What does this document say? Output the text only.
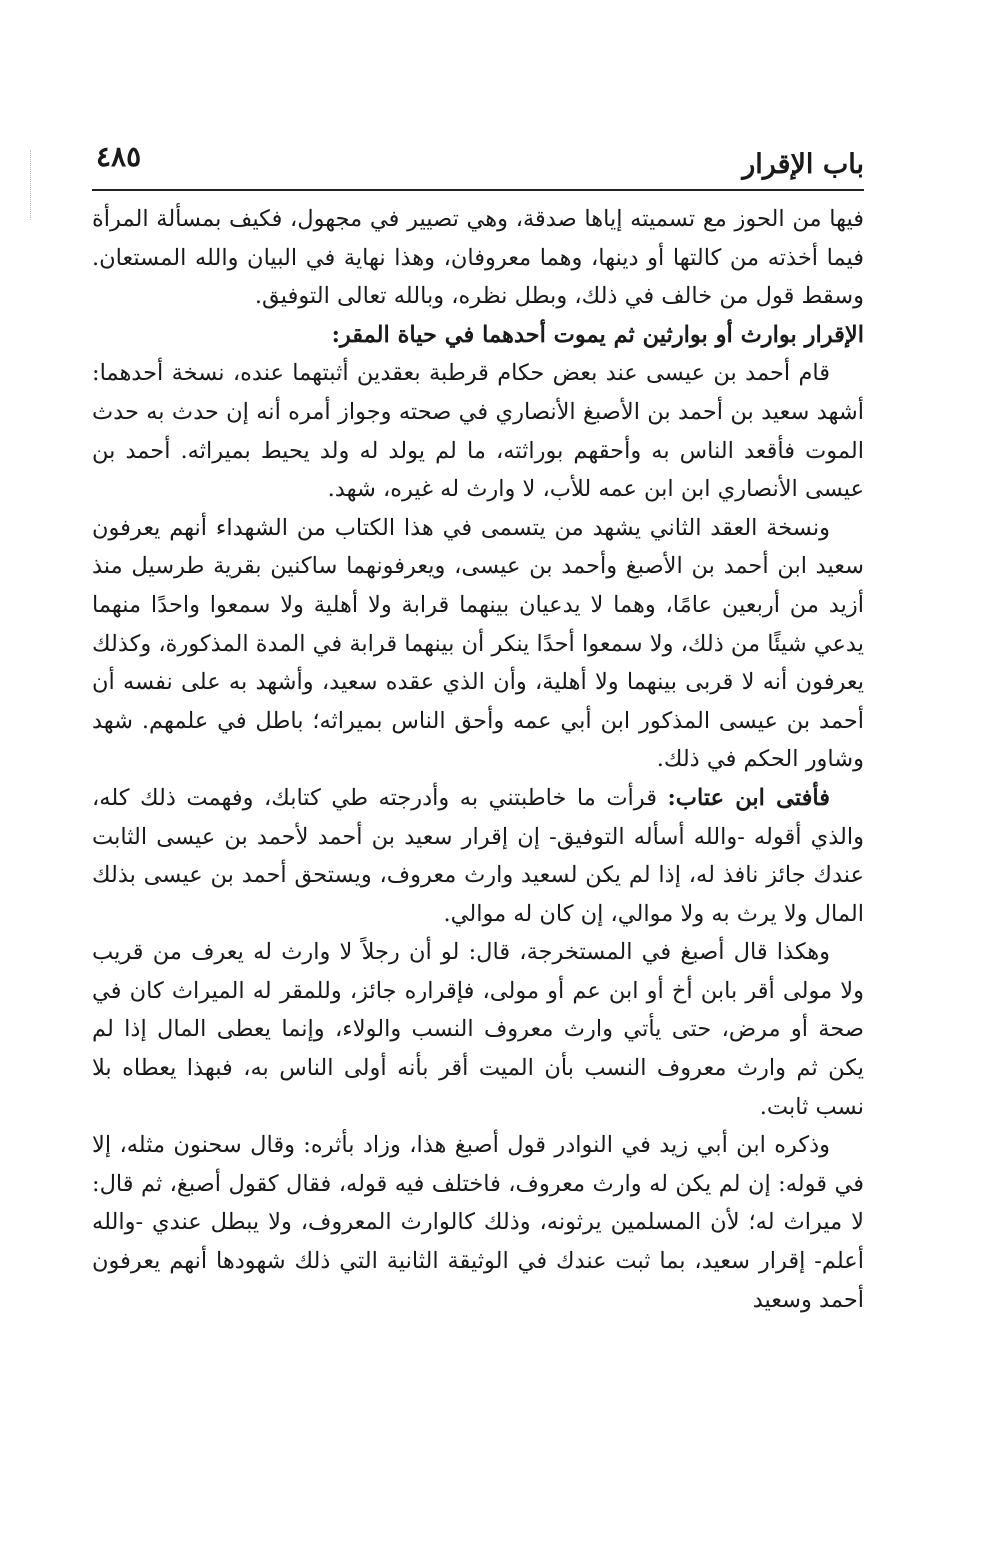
باب الإقرار
٤٨٥

فيها من الحوز مع تسميته إياها صدقة، وهي تصيير في مجهول، فكيف بمسألة المرأة فيما أخذته من كالتها أو دينها، وهما معروفان، وهذا نهاية في البيان والله المستعان. وسقط قول من خالف في ذلك، وبطل نظره، وبالله تعالى التوفيق.

الإقرار بوارث أو بوارثين ثم يموت أحدهما في حياة المقر:

قام أحمد بن عيسى عند بعض حكام قرطبة بعقدين أثبتهما عنده، نسخة أحدهما: أشهد سعيد بن أحمد بن الأصبغ الأنصاري في صحته وجواز أمره أنه إن حدث به حدث الموت فأقعد الناس به وأحقهم بوراثته، ما لم يولد له ولد يحيط بميراثه. أحمد بن عيسى الأنصاري ابن ابن عمه للأب، لا وارث له غيره، شهد.

ونسخة العقد الثاني يشهد من يتسمى في هذا الكتاب من الشهداء أنهم يعرفون سعيد ابن أحمد بن الأصبغ وأحمد بن عيسى، ويعرفونهما ساكنين بقرية طرسيل منذ أزيد من أربعين عامًا، وهما لا يدعيان بينهما قرابة ولا أهلية ولا سمعوا واحدًا منهما يدعي شيئًا من ذلك، ولا سمعوا أحدًا ينكر أن بينهما قرابة في المدة المذكورة، وكذلك يعرفون أنه لا قربى بينهما ولا أهلية، وأن الذي عقده سعيد، وأشهد به على نفسه أن أحمد بن عيسى المذكور ابن أبي عمه وأحق الناس بميراثه؛ باطل في علمهم. شهد وشاور الحكم في ذلك.

فأفتى ابن عتاب: قرأت ما خاطبتني به وأدرجته طي كتابك، وفهمت ذلك كله، والذي أقوله -والله أسأله التوفيق- إن إقرار سعيد بن أحمد لأحمد بن عيسى الثابت عندك جائز نافذ له، إذا لم يكن لسعيد وارث معروف، ويستحق أحمد بن عيسى بذلك المال ولا يرث به ولا موالي، إن كان له موالي.

وهكذا قال أصبغ في المستخرجة، قال: لو أن رجلاً لا وارث له يعرف من قريب ولا مولى أقر بابن أخ أو ابن عم أو مولى، فإقراره جائز، وللمقر له الميراث كان في صحة أو مرض، حتى يأتي وارث معروف النسب والولاء، وإنما يعطى المال إذا لم يكن ثم وارث معروف النسب بأن الميت أقر بأنه أولى الناس به، فبهذا يعطاه بلا نسب ثابت.

وذكره ابن أبي زيد في النوادر قول أصبغ هذا، وزاد بأثره: وقال سحنون مثله، إلا في قوله: إن لم يكن له وارث معروف، فاختلف فيه قوله، فقال كقول أصبغ، ثم قال: لا ميراث له؛ لأن المسلمين يرثونه، وذلك كالوارث المعروف، ولا يبطل عندي -والله أعلم- إقرار سعيد، بما ثبت عندك في الوثيقة الثانية التي ذلك شهودها أنهم يعرفون أحمد وسعيد
